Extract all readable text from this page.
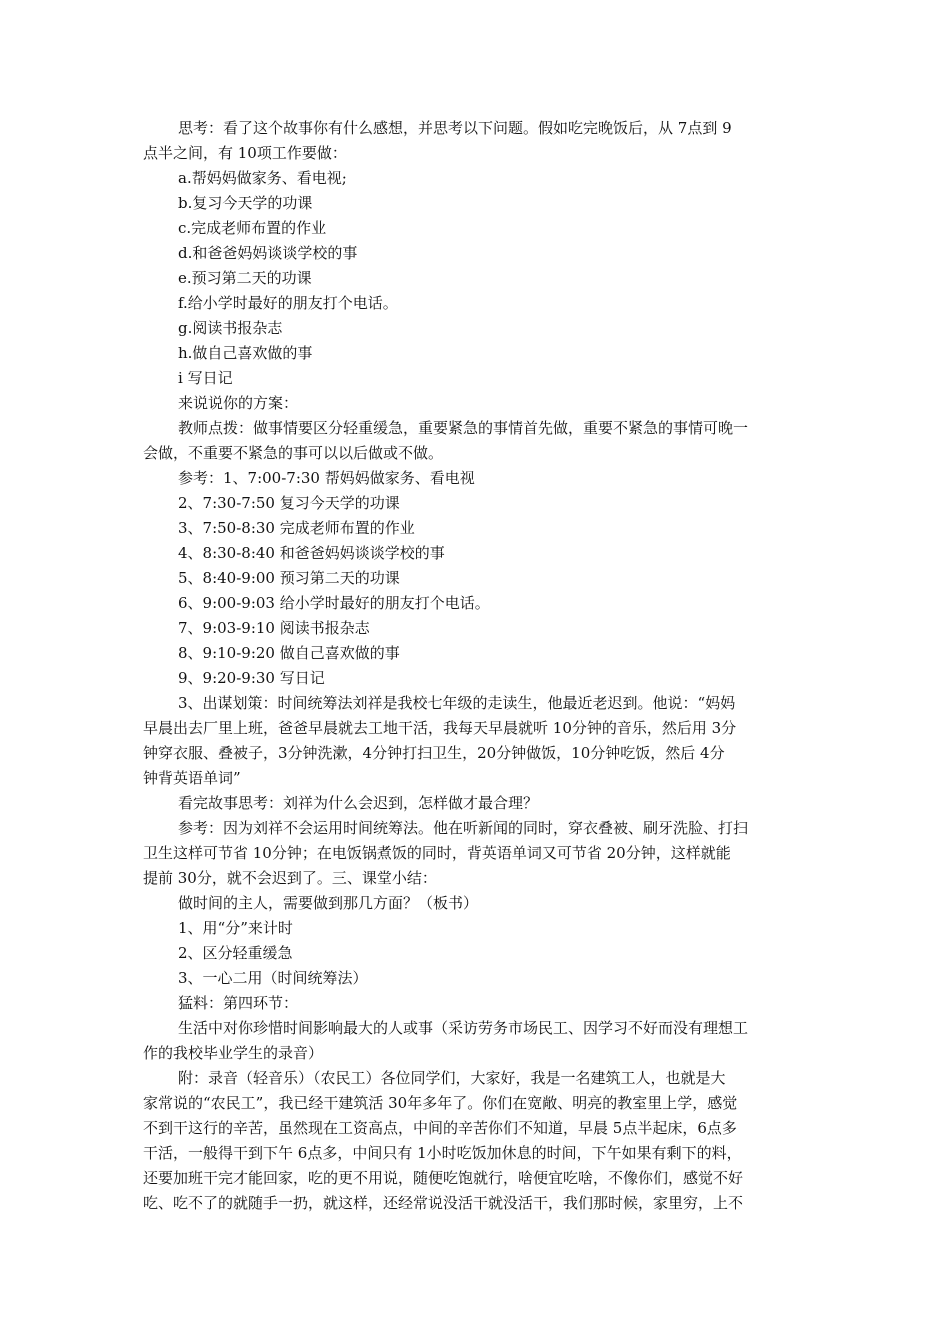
思考：看了这个故事你有什么感想，并思考以下问题。假如吃完晚饭后，从 7点到 9
点半之间，有 10项工作要做：
a.帮妈妈做家务、看电视;
b.复习今天学的功课
c.完成老师布置的作业
d.和爸爸妈妈谈谈学校的事
e.预习第二天的功课
f.给小学时最好的朋友打个电话。
g.阅读书报杂志
h.做自己喜欢做的事
i 写日记
来说说你的方案：
教师点拨：做事情要区分轻重缓急，重要紧急的事情首先做，重要不紧急的事情可晚一
会做，不重要不紧急的事可以以后做或不做。
参考：1、7:00-7:30 帮妈妈做家务、看电视
2、7:30-7:50 复习今天学的功课
3、7:50-8:30 完成老师布置的作业
4、8:30-8:40 和爸爸妈妈谈谈学校的事
5、8:40-9:00 预习第二天的功课
6、9:00-9:03 给小学时最好的朋友打个电话。
7、9:03-9:10 阅读书报杂志
8、9:10-9:20 做自己喜欢做的事
9、9:20-9:30 写日记
3、出谋划策：时间统筹法刘祥是我校七年级的走读生，他最近老迟到。他说：“妈妈
早晨出去厂里上班，爸爸早晨就去工地干活，我每天早晨就听 10分钟的音乐，然后用 3分
钟穿衣服、叠被子，3分钟洗漱，4分钟打扫卫生，20分钟做饭，10分钟吃饭，然后 4分
钟背英语单词”
看完故事思考：刘祥为什么会迟到，怎样做才最合理？
参考：因为刘祥不会运用时间统筹法。他在听新闻的同时，穿衣叠被、刷牙洗脸、打扫
卫生这样可节省 10分钟；在电饭锅煮饭的同时，背英语单词又可节省 20分钟，这样就能
提前 30分，就不会迟到了。三、课堂小结：
做时间的主人，需要做到那几方面？（板书）
1、用“分”来计时
2、区分轻重缓急
3、一心二用（时间统筹法）
猛料：第四环节：
生活中对你珍惜时间影响最大的人或事（采访劳务市场民工、因学习不好而没有理想工
作的我校毕业学生的录音）
附：录音（轻音乐）（农民工）各位同学们，大家好，我是一名建筑工人，也就是大
家常说的“农民工”，我已经干建筑活 30年多年了。你们在宽敞、明亮的教室里上学，感觉
不到干这行的辛苦，虽然现在工资高点，中间的辛苦你们不知道，早晨 5点半起床，6点多
干活，一般得干到下午 6点多，中间只有 1小时吃饭加休息的时间，下午如果有剩下的料，
还要加班干完才能回家，吃的更不用说，随便吃饱就行，啥便宜吃啥，不像你们，感觉不好
吃、吃不了的就随手一扔，就这样，还经常说没活干就没活干，我们那时候，家里穷，上不
